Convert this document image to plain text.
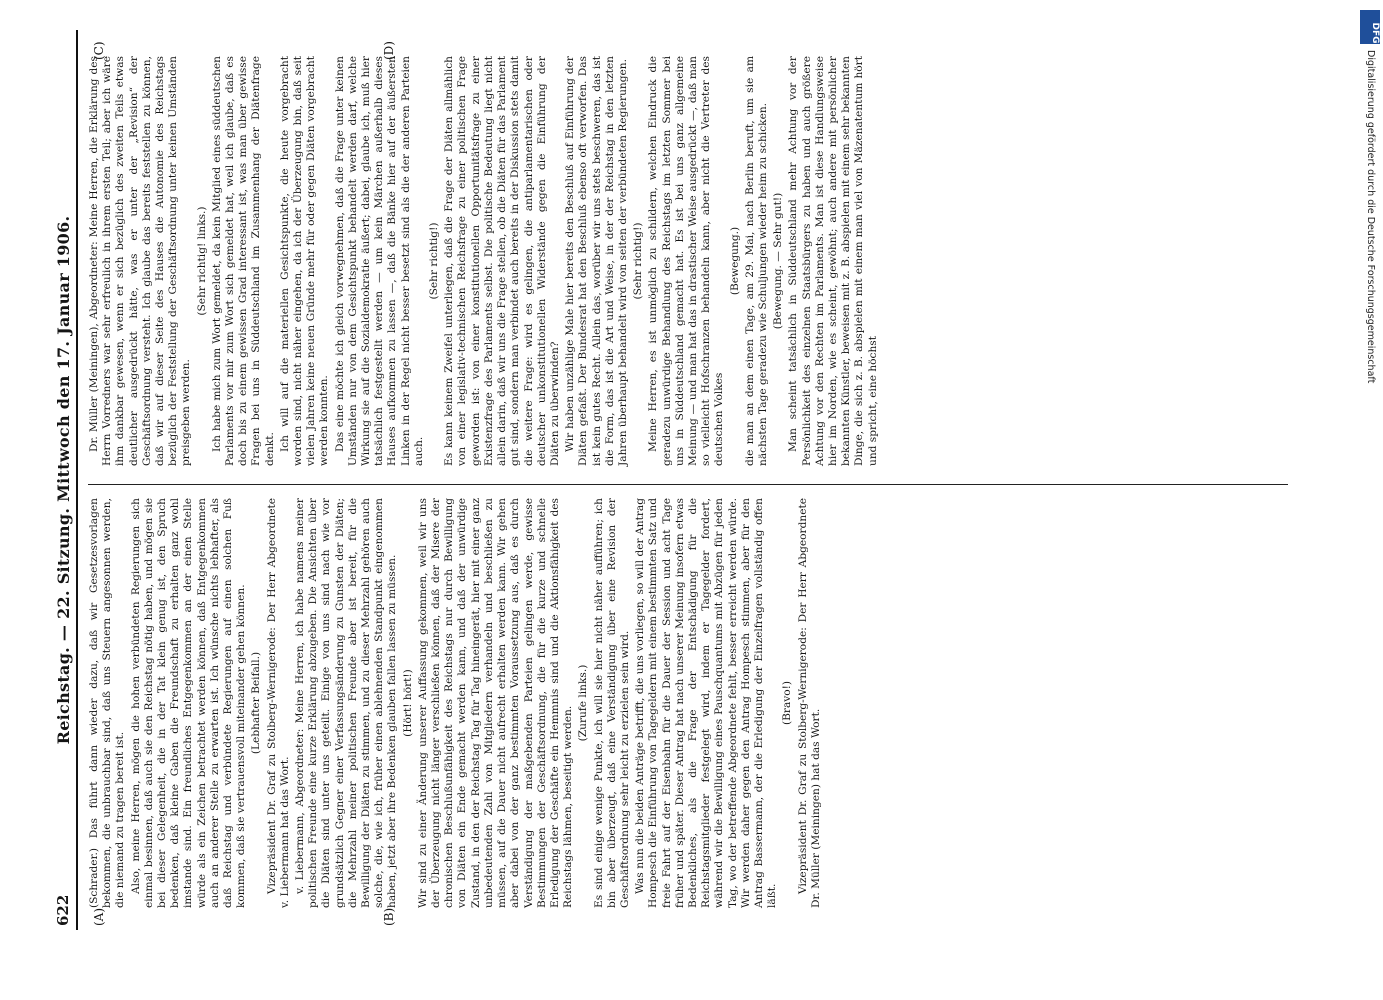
622
Reichstag. — 22. Sitzung. Mittwoch den 17. Januar 1906.
(A)	(B)
(C)	(D)

(Schrader.) Das führt dann wieder dazu, daß wir Gesetzesvorlagen bekommen, die unbrauchbar sind, daß uns Steuern angesonnen werden, die niemand zu tragen bereit ist. Also, meine Herren, mögen die hohen verbündeten Regierungen sich einmal besinnen, daß auch sie den Reichstag nötig haben, und mögen sie bei dieser Gelegenheit, die in der Tat klein genug ist, den Spruch bedenken, daß kleine Gaben die Freundschaft zu erhalten ganz wohl imstande sind. Ein freundliches Entgegenkommen an der einen Stelle würde als ein Zeichen betrachtet werden können, daß Entgegenkommen auch an anderer Stelle zu erwarten ist. Ich wünsche nichts lebhafter, als daß Reichstag und verbündete Regierungen auf einen solchen Fuß kommen, daß sie vertrauensvoll miteinander gehen können. (Lebhafter Beifall.) Vizepräsident Dr. Graf zu Stolberg-Wernigerode: Der Herr Abgeordnete v. Liebermann hat das Wort. v. Liebermann, Abgeordneter: Meine Herren, ich habe namens meiner politischen Freunde eine kurze Erklärung abzugeben. Die Ansichten über die Diäten sind unter uns geteilt. Einige von uns sind nach wie vor grundsätzlich Gegner einer Verfassungsänderung zu Gunsten der Diäten; die Mehrzahl meiner politischen Freunde aber ist bereit, für die Bewilligung der Diäten zu stimmen, und zu dieser Mehrzahl gehören auch solche, die, wie ich, früher einen ablehnenden Standpunkt eingenommen haben, jetzt aber ihre Bedenken glauben fallen lassen zu müssen. (Hört! hört!) Wir sind zu einer Änderung unserer Auffassung gekommen, weil wir uns der Überzeugung nicht länger verschließen können, daß der Misere der chronischen Beschlußunfähigkeit des Reichstags nur durch Bewilligung von Diäten ein Ende gemacht werden kann, und daß der unwürdige Zustand, in den der Reichstag Tag für Tag hineingerät, hier mit einer ganz unbedeutenden Zahl von Mitgliedern verhandeln und beschließen zu müssen, auf die Dauer nicht aufrecht erhalten werden kann. Wir gehen aber dabei von der ganz bestimmten Voraussetzung aus, daß es durch Verständigung der maßgebenden Parteien gelingen werde, gewisse Bestimmungen der Geschäftsordnung, die für die kurze und schnelle Erledigung der Geschäfte ein Hemmnis sind und die Aktionsfähigkeit des Reichstags lähmen, beseitigt werden.

(Zurufe links.) Es sind einige wenige Punkte, ich will sie hier nicht näher aufführen; ich bin aber überzeugt, daß eine Verständigung über eine Revision der Geschäftsordnung sehr leicht zu erzielen sein wird. Was nun die beiden Anträge betrifft, die uns vorliegen, so will der Antrag Hompesch die Einführung von Tagegeldern mit einem bestimmten Satz und freie Fahrt auf der Eisenbahn für die Dauer der Session und acht Tage früher und später. Dieser Antrag hat nach unserer Meinung insofern etwas Bedenkliches, als die Frage der Entschädigung für die Reichstagsmitglieder festgelegt wird, indem er Tagegelder fordert, während wir die Bewilligung eines Pauschquantums mit Abzügen für jeden Tag, wo der betreffende Abgeordnete fehlt, besser erreicht werden würde. Wir werden daher gegen den Antrag Hompesch stimmen, aber für den Antrag Bassermann, der die Erledigung der Einzelfragen vollständig offen läßt.

(Bravo!) Vizepräsident Dr. Graf zu Stolberg-Wernigerode: Der Herr Abgeordnete Dr. Müller (Meiningen) hat das Wort.

Dr. Müller (Meiningen), Abgeordneter: Meine Herren, die Erklärung des Herrn Vorredners war sehr erfreulich in ihrem ersten Teil; aber ich wäre ihm dankbar gewesen, wenn er sich bezüglich des zweiten Teils etwas deutlicher ausgedrückt hätte, was er unter der „Revision“ der Geschäftsordnung versteht. Ich glaube das bereits feststellen zu können, daß wir auf dieser Seite des Hauses die Autonomie des Reichstags bezüglich der Feststellung der Geschäftsordnung unter keinen Umständen preisgeben werden.

(Sehr richtig! links.) Ich habe mich zum Wort gemeldet, da kein Mitglied eines süddeutschen Parlaments vor mir zum Wort sich gemeldet hat, weil ich glaube, daß es doch bis zu einem gewissen Grad interessant ist, was man über gewisse Fragen bei uns in Süddeutschland im Zusammenhang der Diätenfrage denkt. Ich will auf die materiellen Gesichtspunkte, die heute vorgebracht worden sind, nicht näher eingehen, da ich der Überzeugung bin, daß seit vielen Jahren keine neuen Gründe mehr für oder gegen Diäten vorgebracht werden konnten. Das eine möchte ich gleich vorwegnehmen, daß die Frage unter keinen Umständen nur von dem Gesichtspunkt behandelt werden darf, welche Wirkung sie auf die Sozialdemokratie äußert; dabei, glaube ich, muß hier tatsächlich festgestellt werden — um kein Märchen außerhalb dieses Hauses aufkommen zu lassen —, daß die Bänke hier auf der äußersten Linken in der Regel nicht besser besetzt sind als die der anderen Parteien auch.

(Sehr richtig!) Es kann keinem Zweifel unterliegen, daß die Frage der Diäten allmählich von einer legislativ-technischen Reichsfrage zu einer politischen Frage geworden ist: von einer konstitutionellen Opportunitätsfrage zu einer Existenzfrage des Parlaments selbst. Die politische Bedeutung liegt nicht allein darin, daß wir uns die Frage stellen, ob die Diäten für das Parlament gut sind, sondern man verbindet auch bereits in der Diskussion stets damit die weitere Frage: wird es gelingen, die antiparlamentarischen oder deutscher unkonstitutionellen Widerstände gegen die Einführung der Diäten zu überwinden? Wir haben unzählige Male hier bereits den Beschluß auf Einführung der Diäten gefaßt. Der Bundesrat hat den Beschluß ebenso oft verworfen. Das ist kein gutes Recht. Allein das, worüber wir uns stets beschweren, das ist die Form, das ist die Art und Weise, in der der Reichstag in den letzten Jahren überhaupt behandelt wird von seiten der verbündeten Regierungen. (Sehr richtig!) Meine Herren, es ist unmöglich zu schildern, welchen Eindruck die geradezu unwürdige Behandlung des Reichstags im letzten Sommer bei uns in Süddeutschland gemacht hat. Es ist bei uns ganz allgemeine Meinung — und man hat das in drastischer Weise ausgedrückt —, daß man so vielleicht Hofschranzen behandeln kann, aber nicht die Vertreter des deutschen Volkes

(Bewegung.) die man an dem einen Tage, am 29. Mai, nach Berlin beruft, um sie am nächsten Tage geradezu wie Schuljungen wieder heim zu schicken. (Bewegung. — Sehr gut!) Man scheint tatsächlich in Süddeutschland mehr Achtung vor der Persönlichkeit des einzelnen Staatsbürgers zu haben und auch größere Achtung vor den Rechten im Parlaments. Man ist diese Handlungsweise hier im Norden, wie es scheint, gewöhnt; auch andere mit persönlicher bekannten Künstler, beweisen mit z. B. abspielen mit einem sehr bekannten Dinge, die sich z. B. abspielen mit einem man viel von Mäzenatentum hört und spricht, eine höchst

DFG
Digitalisierung gefördert durch die Deutsche Forschungsgemeinschaft
